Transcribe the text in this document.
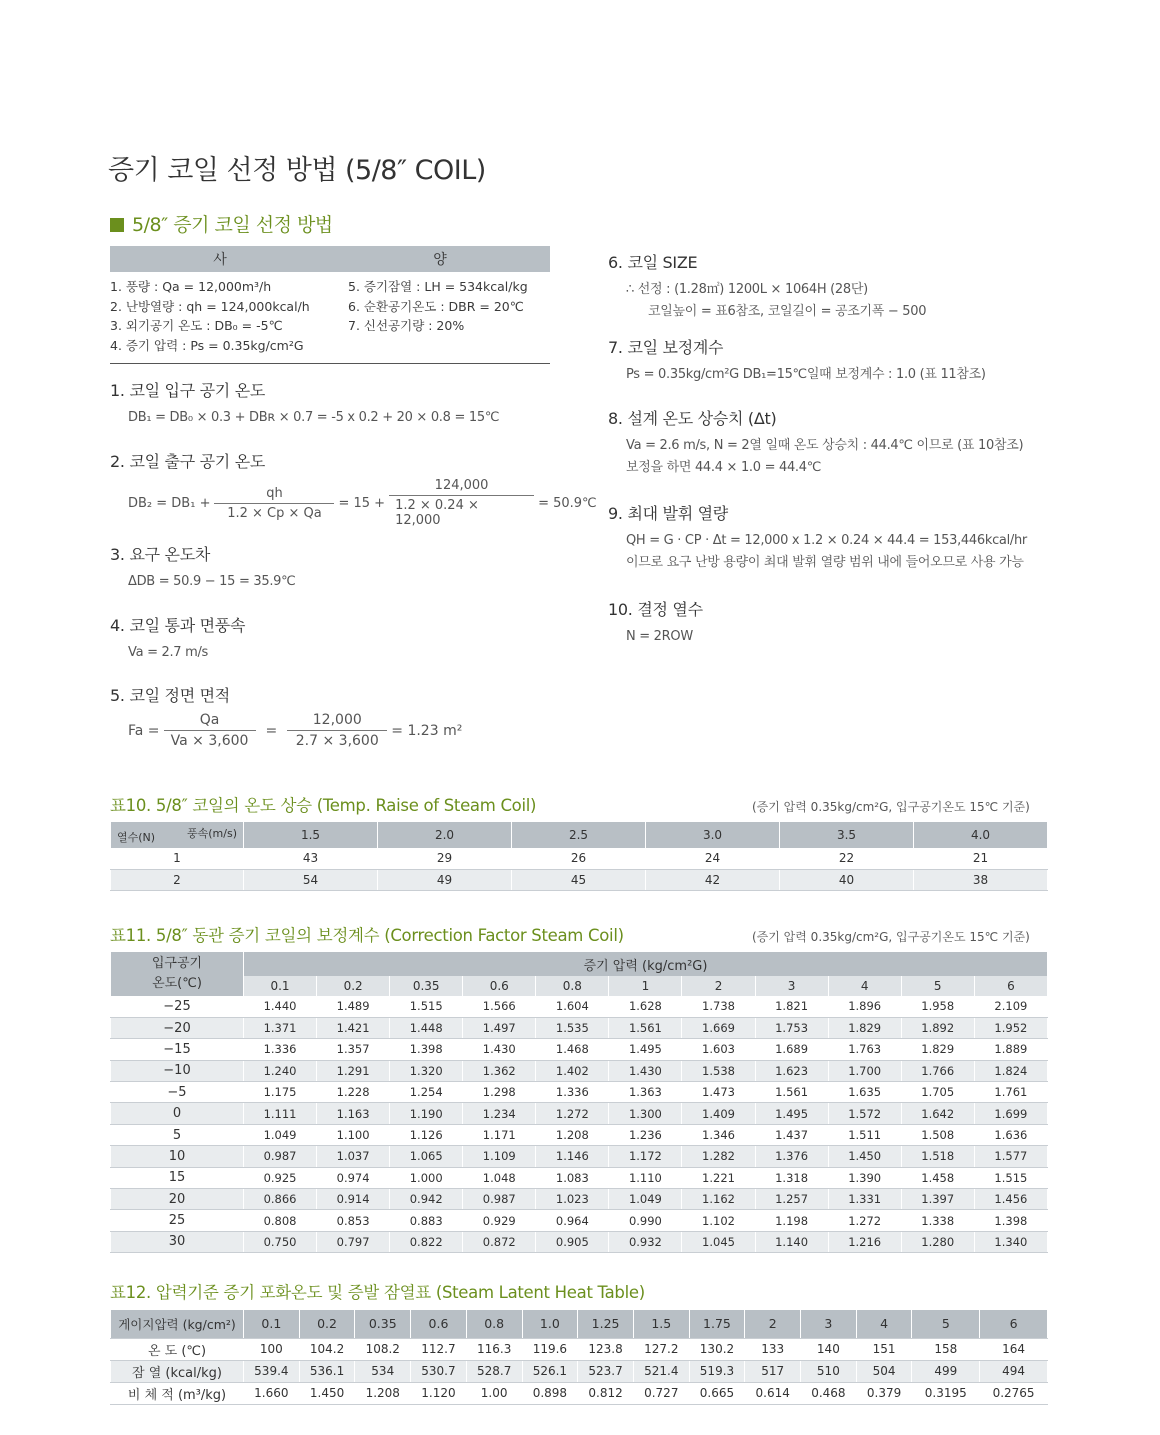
증기 코일 선정 방법 (5/8″ COIL)
5/8″ 증기 코일 선정 방법
사	양
1. 풍량 : Qa = 12,000m³/h
2. 난방열량 : qh = 124,000kcal/h
3. 외기공기 온도 : DB₀ = -5℃
4. 증기 압력 : Ps = 0.35kg/cm²G
5. 증기잠열 : LH = 534kcal/kg
6. 순환공기온도 : DBR = 20℃
7. 신선공기량 : 20%
1. 코일 입구 공기 온도
DB₁ = DB₀ × 0.3 + DBʀ × 0.7 = -5 x 0.2 + 20 × 0.8 = 15℃
2. 코일 출구 공기 온도
$DB_2 = DB_1 + \frac{qh}{1.2 \times Cp \times Qa} = 15 + \frac{124,000}{1.2 \times 0.24 \times 12,000}$ = 50.9℃
3. 요구 온도차
ΔDB = 50.9 − 15 = 35.9℃
4. 코일 통과 면풍속
Va = 2.7 m/s
5. 코일 정면 면적
$Fa = \frac{Qa}{Va \times 3,600} = \frac{12,000}{2.7 \times 3,600} = 1.23$ m²
6. 코일 SIZE
∴ 선정 : (1.28㎡) 1200L × 1064H (28단)
코일높이 = 표6참조, 코일길이 = 공조기폭 − 500
7. 코일 보정계수
Ps = 0.35kg/cm²G DB₁=15℃일때 보정계수 : 1.0 (표 11참조)
8. 설계 온도 상승치 (Δt)
Va = 2.6 m/s, N = 2열 일때 온도 상승치 : 44.4℃ 이므로 (표 10참조)
보정을 하면 44.4 × 1.0 = 44.4℃
9. 최대 발휘 열량
QH = G · CP · Δt = 12,000 x 1.2 × 0.24 × 44.4 = 153,446kcal/hr
이므로 요구 난방 용량이 최대 발휘 열량 범위 내에 들어오므로 사용 가능
10. 결정 열수
N = 2ROW
표10. 5/8″ 코일의 온도 상승 (Temp. Raise of Steam Coil)	(증기 압력 0.35kg/cm²G, 입구공기온도 15℃ 기준)
풍속(m/s)
열수(N)	1.5	2.0	2.5	3.0	3.5	4.0
1	43	29	26	24	22	21
2	54	49	45	42	40	38
표11. 5/8″ 동관 증기 코일의 보정계수 (Correction Factor Steam Coil)	(증기 압력 0.35kg/cm²G, 입구공기온도 15℃ 기준)
입구공기
온도(℃)	증기 압력 (kg/cm²G)										
	0.1	0.2	0.35	0.6	0.8	1	2	3	4	5	6
−25	1.440	1.489	1.515	1.566	1.604	1.628	1.738	1.821	1.896	1.958	2.109
−20	1.371	1.421	1.448	1.497	1.535	1.561	1.669	1.753	1.829	1.892	1.952
−15	1.336	1.357	1.398	1.430	1.468	1.495	1.603	1.689	1.763	1.829	1.889
−10	1.240	1.291	1.320	1.362	1.402	1.430	1.538	1.623	1.700	1.766	1.824
−5	1.175	1.228	1.254	1.298	1.336	1.363	1.473	1.561	1.635	1.705	1.761
0	1.111	1.163	1.190	1.234	1.272	1.300	1.409	1.495	1.572	1.642	1.699
5	1.049	1.100	1.126	1.171	1.208	1.236	1.346	1.437	1.511	1.508	1.636
10	0.987	1.037	1.065	1.109	1.146	1.172	1.282	1.376	1.450	1.518	1.577
15	0.925	0.974	1.000	1.048	1.083	1.110	1.221	1.318	1.390	1.458	1.515
20	0.866	0.914	0.942	0.987	1.023	1.049	1.162	1.257	1.331	1.397	1.456
25	0.808	0.853	0.883	0.929	0.964	0.990	1.102	1.198	1.272	1.338	1.398
30	0.750	0.797	0.822	0.872	0.905	0.932	1.045	1.140	1.216	1.280	1.340
표12. 압력기준 증기 포화온도 및 증발 잠열표 (Steam Latent Heat Table)
게이지압력 (kg/cm²)	0.1	0.2	0.35	0.6	0.8	1.0	1.25	1.5	1.75	2	3	4	5	6
온 도 (℃)	100	104.2	108.2	112.7	116.3	119.6	123.8	127.2	130.2	133	140	151	158	164
잠 열 (kcal/kg)	539.4	536.1	534	530.7	528.7	526.1	523.7	521.4	519.3	517	510	504	499	494
비 체 적 (m³/kg)	1.660	1.450	1.208	1.120	1.00	0.898	0.812	0.727	0.665	0.614	0.468	0.379	0.3195	0.2765
